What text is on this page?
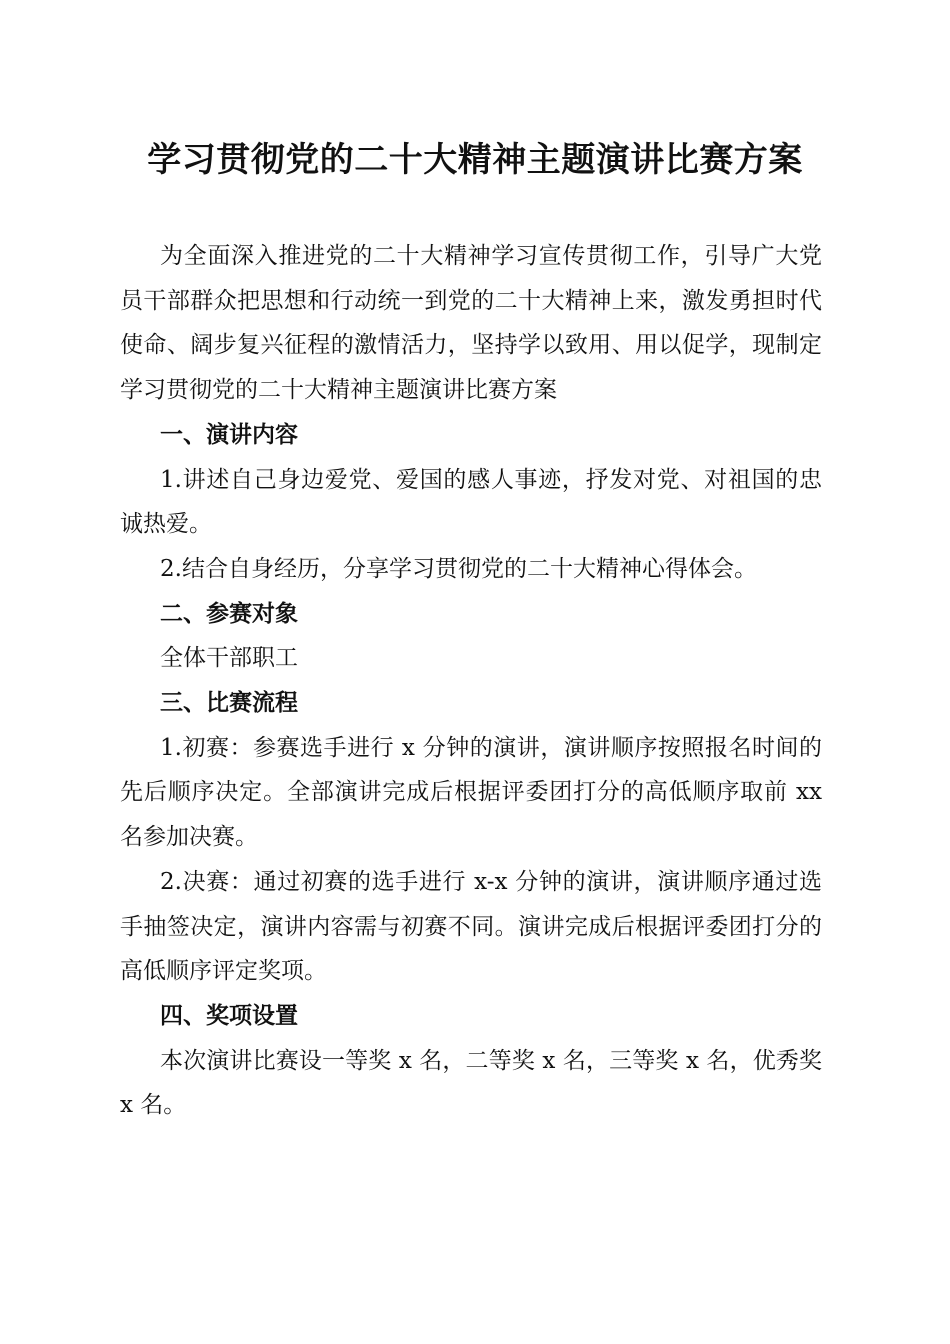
学习贯彻党的二十大精神主题演讲比赛方案

为全面深入推进党的二十大精神学习宣传贯彻工作，引导广大党员干部群众把思想和行动统一到党的二十大精神上来，激发勇担时代使命、阔步复兴征程的激情活力，坚持学以致用、用以促学，现制定学习贯彻党的二十大精神主题演讲比赛方案

一、演讲内容

1.讲述自己身边爱党、爱国的感人事迹，抒发对党、对祖国的忠诚热爱。

2.结合自身经历，分享学习贯彻党的二十大精神心得体会。

二、参赛对象

全体干部职工

三、比赛流程

1.初赛：参赛选手进行 x 分钟的演讲，演讲顺序按照报名时间的先后顺序决定。全部演讲完成后根据评委团打分的高低顺序取前 xx 名参加决赛。

2.决赛：通过初赛的选手进行 x-x 分钟的演讲，演讲顺序通过选手抽签决定，演讲内容需与初赛不同。演讲完成后根据评委团打分的高低顺序评定奖项。

四、奖项设置

本次演讲比赛设一等奖 x 名，二等奖 x 名，三等奖 x 名，优秀奖 x 名。
